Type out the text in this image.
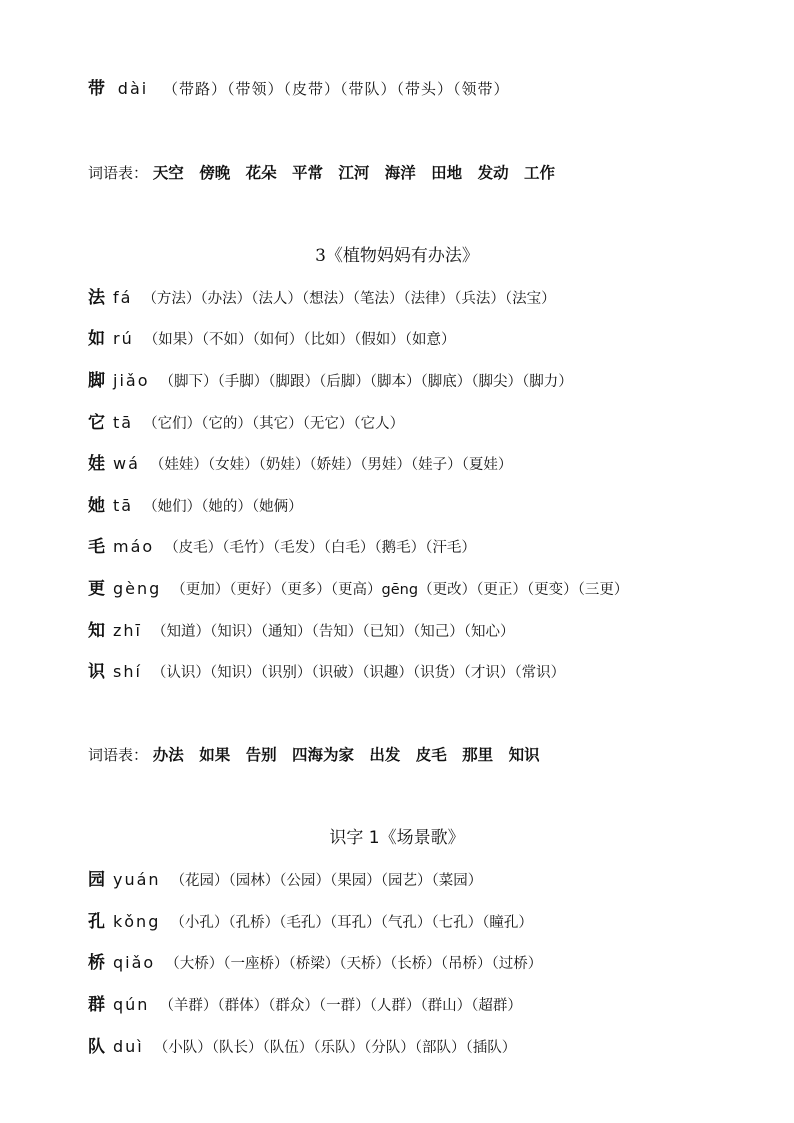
带 dài （带路）（带领）（皮带）（带队）（带头）（领带）
词语表： 天空 傍晚 花朵 平常 江河 海洋 田地 发动 工作
3《植物妈妈有办法》
法 fá （方法）（办法）（法人）（想法）（笔法）（法律）（兵法）（法宝）
如 rú （如果）（不如）（如何）（比如）（假如）（如意）
脚 jiǎo （脚下）（手脚）（脚跟）（后脚）（脚本）（脚底）（脚尖）（脚力）
它 tā （它们）（它的）（其它）（无它）（它人）
娃 wá （娃娃）（女娃）（奶娃）（娇娃）（男娃）（娃子）（夏娃）
她 tā （她们）（她的）（她俩）
毛 máo （皮毛）（毛竹）（毛发）（白毛）（鹅毛）（汗毛）
更 gèng （更加）（更好）（更多）（更高）gēng（更改）（更正）（更变）（三更）
知 zhī （知道）（知识）（通知）（告知）（已知）（知己）（知心）
识 shí （认识）（知识）（识别）（识破）（识趣）（识货）（才识）（常识）
词语表： 办法 如果 告别 四海为家 出发 皮毛 那里 知识
识字 1《场景歌》
园 yuán （花园）（园林）（公园）（果园）（园艺）（菜园）
孔 kǒng （小孔）（孔桥）（毛孔）（耳孔）（气孔）（七孔）（瞳孔）
桥 qiǎo （大桥）（一座桥）（桥梁）（天桥）（长桥）（吊桥）（过桥）
群 qún （羊群）（群体）（群众）（一群）（人群）（群山）（超群）
队 duì （小队）（队长）（队伍）（乐队）（分队）（部队）（插队）
